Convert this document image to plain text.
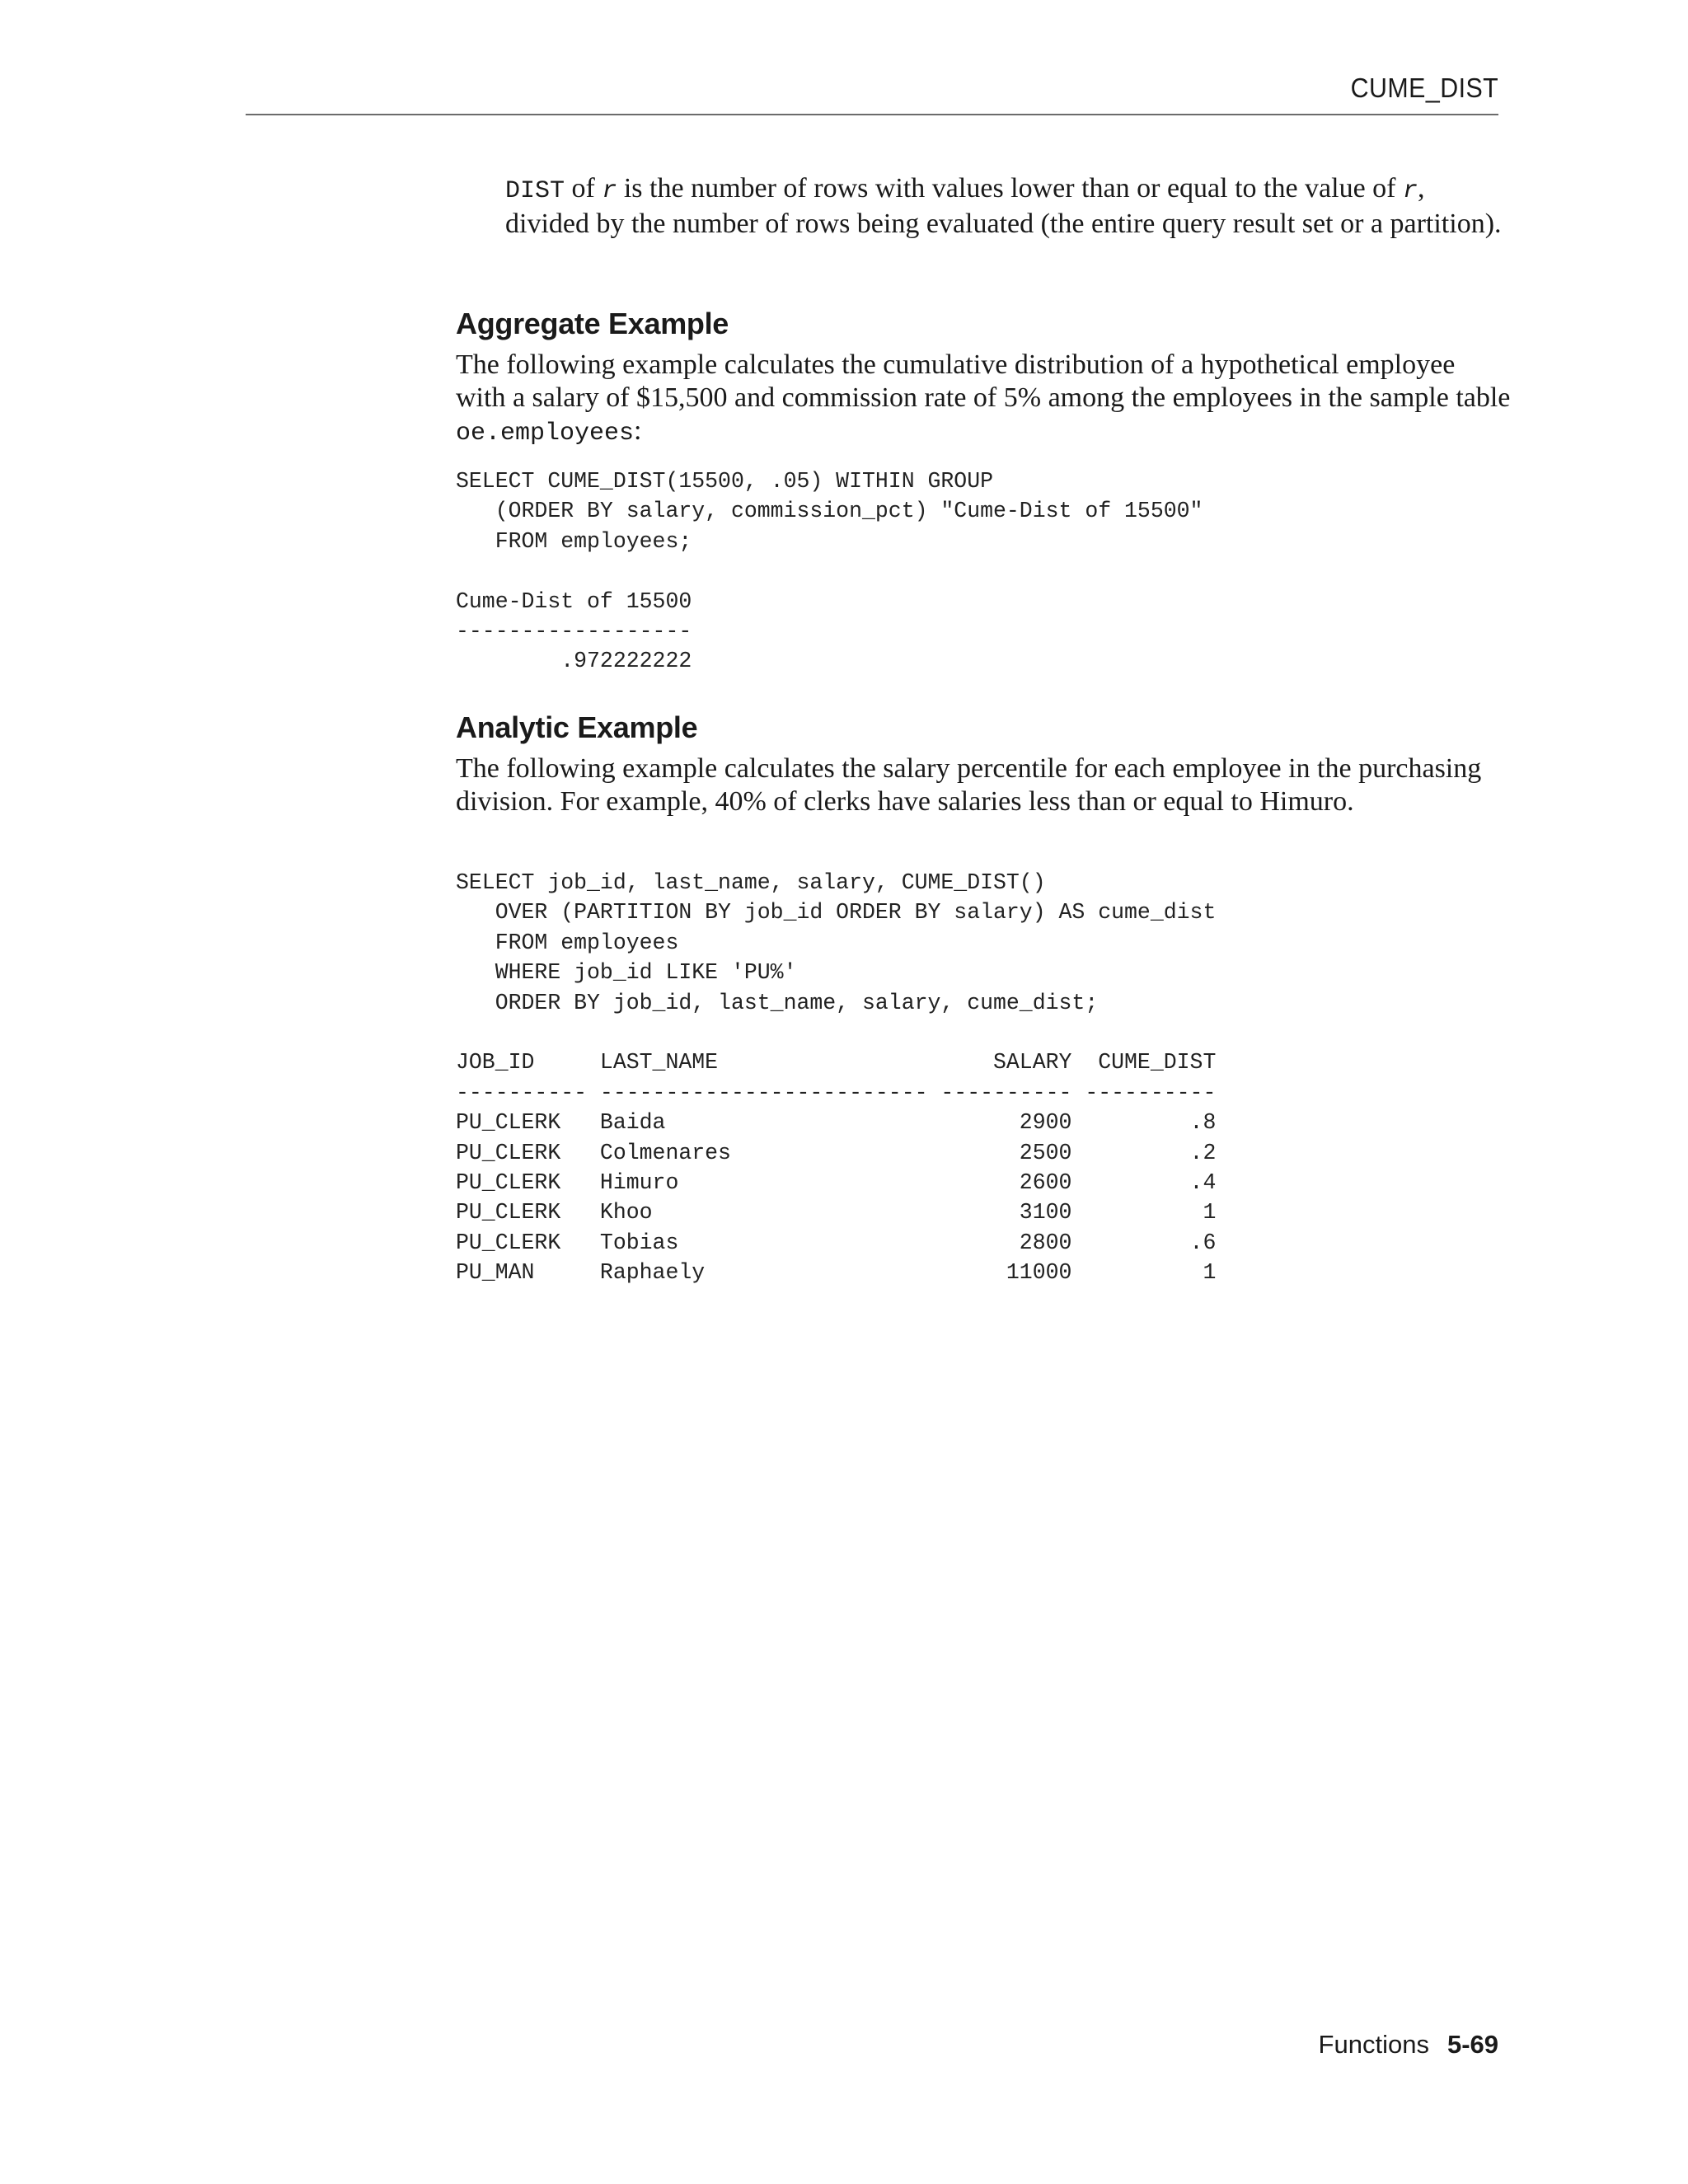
CUME_DIST

DIST of r is the number of rows with values lower than or equal to the value of r, divided by the number of rows being evaluated (the entire query result set or a partition).

Aggregate Example

The following example calculates the cumulative distribution of a hypothetical employee with a salary of $15,500 and commission rate of 5% among the employees in the sample table oe.employees:

SELECT CUME_DIST(15500, .05) WITHIN GROUP
(ORDER BY salary, commission_pct) "Cume-Dist of 15500"
FROM employees;

Cume-Dist of 15500
------------------
.972222222
Analytic Example

The following example calculates the salary percentile for each employee in the purchasing division. For example, 40% of clerks have salaries less than or equal to Himuro.

SELECT job_id, last_name, salary, CUME_DIST()
OVER (PARTITION BY job_id ORDER BY salary) AS cume_dist
FROM employees
WHERE job_id LIKE 'PU%'
ORDER BY job_id, last_name, salary, cume_dist;

JOB_ID     LAST_NAME                     SALARY  CUME_DIST
---------- ------------------------- ---------- ----------
PU_CLERK   Baida                           2900         .8
PU_CLERK   Colmenares                      2500         .2
PU_CLERK   Himuro                          2600         .4
PU_CLERK   Khoo                            3100          1
PU_CLERK   Tobias                          2800         .6
PU_MAN     Raphaely                       11000          1
Functions 5-69
